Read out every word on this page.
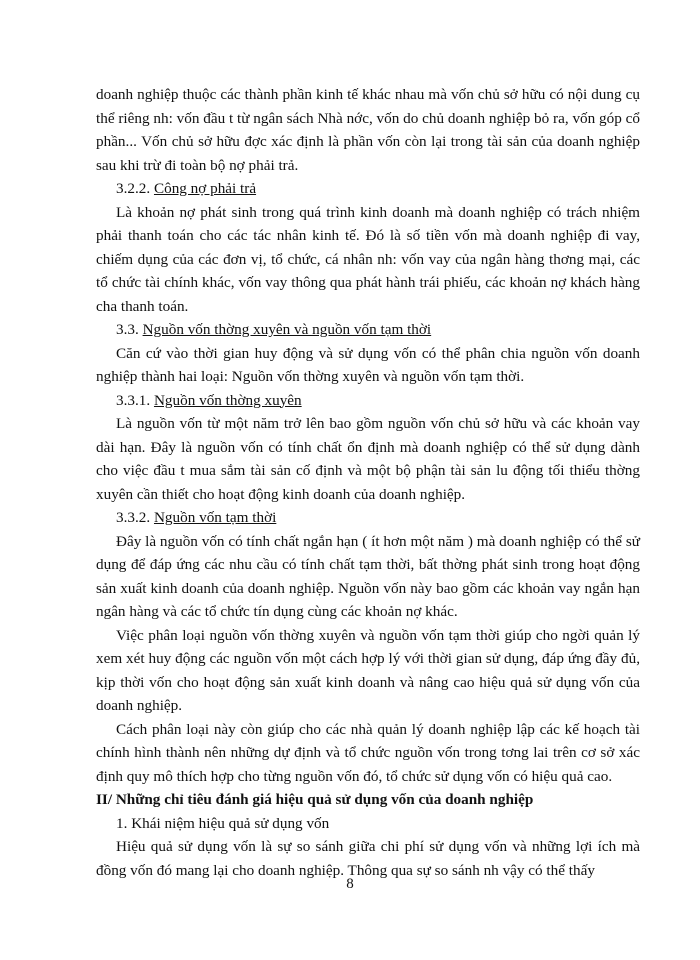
doanh nghiệp thuộc các thành phần kinh tế khác nhau mà vốn chủ sở hữu có nội dung cụ thể riêng nh: vốn đầu t từ ngân sách Nhà nớc, vốn do chủ doanh nghiệp bỏ ra, vốn góp cổ phần... Vốn chủ sở hữu đợc xác định là phần vốn còn lại trong tài sản của doanh nghiệp sau khi trừ đi toàn bộ nợ phải trả.

3.2.2. Công nợ phải trả

Là khoản nợ phát sinh trong quá trình kinh doanh mà doanh nghiệp có trách nhiệm phải thanh toán cho các tác nhân kinh tế. Đó là số tiền vốn mà doanh nghiệp đi vay, chiếm dụng của các đơn vị, tổ chức, cá nhân nh: vốn vay của ngân hàng thơng mại, các tổ chức tài chính khác, vốn vay thông qua phát hành trái phiếu, các khoản nợ khách hàng cha thanh toán.

3.3. Nguồn vốn thờng xuyên và nguồn vốn tạm thời

Căn cứ vào thời gian huy động và sử dụng vốn có thể phân chia nguồn vốn doanh nghiệp thành hai loại: Nguồn vốn thờng xuyên và nguồn vốn tạm thời.

3.3.1. Nguồn vốn thờng xuyên

Là nguồn vốn từ một năm trở lên bao gồm nguồn vốn chủ sở hữu và các khoản vay dài hạn. Đây là nguồn vốn có tính chất ổn định mà doanh nghiệp có thể sử dụng dành cho việc đầu t mua sắm tài sản cố định và một bộ phận tài sản lu động tối thiểu thờng xuyên cần thiết cho hoạt động kinh doanh của doanh nghiệp.

3.3.2. Nguồn vốn tạm thời

Đây là nguồn vốn có tính chất ngắn hạn ( ít hơn một năm ) mà doanh nghiệp có thể sử dụng để đáp ứng các nhu cầu có tính chất tạm thời, bất thờng phát sinh trong hoạt động sản xuất kinh doanh của doanh nghiệp. Nguồn vốn này bao gồm các khoản vay ngắn hạn ngân hàng và các tổ chức tín dụng cùng các khoản nợ khác.

Việc phân loại nguồn vốn thờng xuyên và nguồn vốn tạm thời giúp cho ngời quản lý xem xét huy động các nguồn vốn một cách hợp lý với thời gian sử dụng, đáp ứng đầy đủ, kịp thời vốn cho hoạt động sản xuất kinh doanh và nâng cao hiệu quả sử dụng vốn của doanh nghiệp.

Cách phân loại này còn giúp cho các nhà quản lý doanh nghiệp lập các kế hoạch tài chính hình thành nên những dự định và tổ chức nguồn vốn trong tơng lai trên cơ sở xác định quy mô thích hợp cho từng nguồn vốn đó, tổ chức sử dụng vốn có hiệu quả cao.

II/ Những chỉ tiêu đánh giá hiệu quả sử dụng vốn của doanh nghiệp

1. Khái niệm hiệu quả sử dụng vốn

Hiệu quả sử dụng vốn là sự so sánh giữa chi phí sử dụng vốn và những lợi ích mà đồng vốn đó mang lại cho doanh nghiệp. Thông qua sự so sánh nh vậy có thể thấy

8
